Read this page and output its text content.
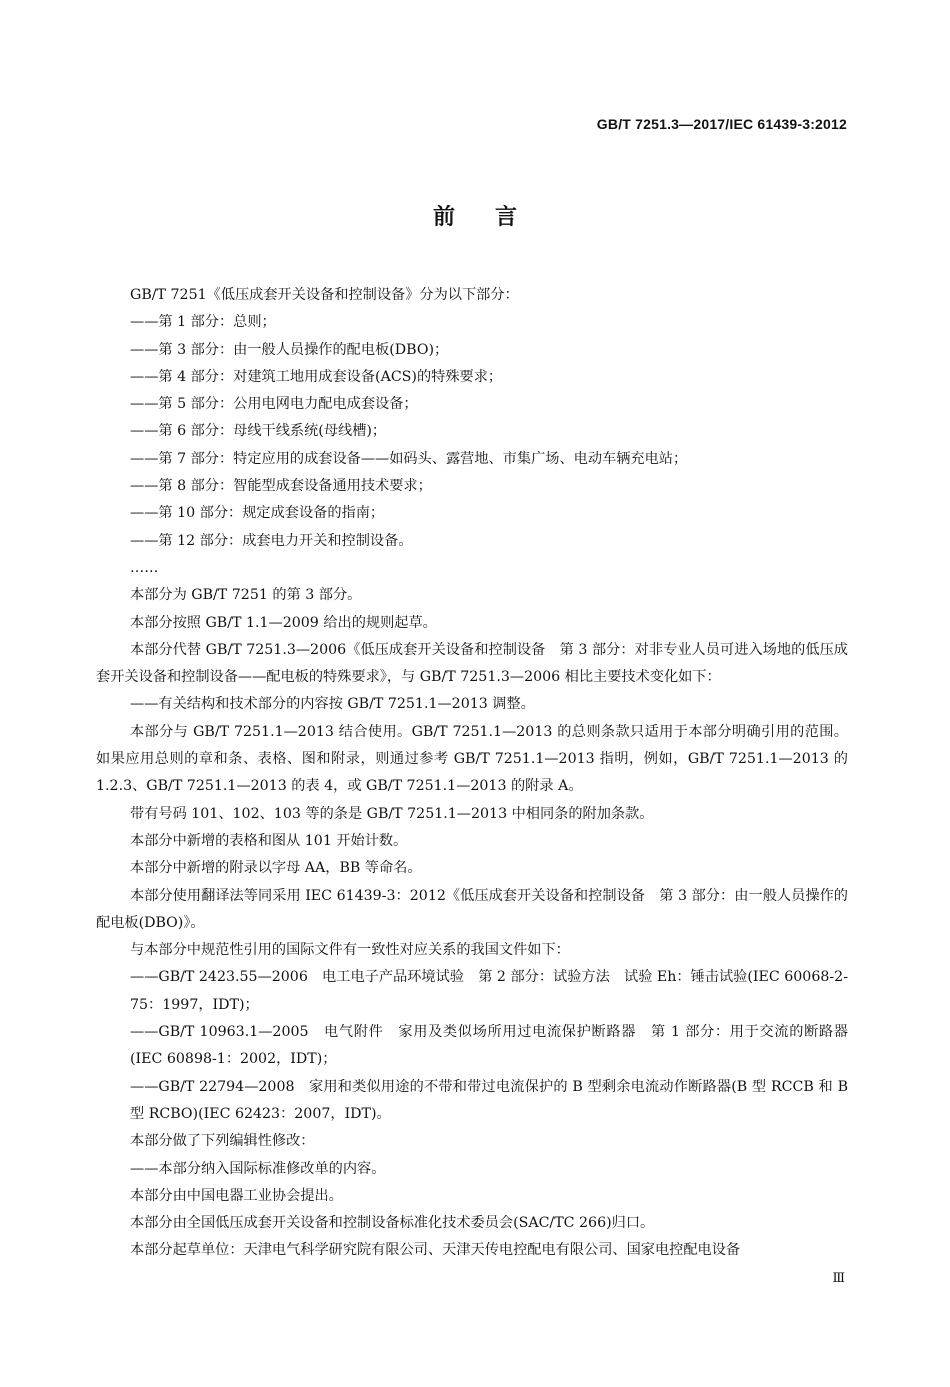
GB/T 7251.3—2017/IEC 61439-3:2012
前言

GB/T 7251《低压成套开关设备和控制设备》分为以下部分：

——第 1 部分：总则；

——第 3 部分：由一般人员操作的配电板(DBO)；

——第 4 部分：对建筑工地用成套设备(ACS)的特殊要求；

——第 5 部分：公用电网电力配电成套设备；

——第 6 部分：母线干线系统(母线槽)；

——第 7 部分：特定应用的成套设备——如码头、露营地、市集广场、电动车辆充电站；

——第 8 部分：智能型成套设备通用技术要求；

——第 10 部分：规定成套设备的指南；

——第 12 部分：成套电力开关和控制设备。

……

本部分为 GB/T 7251 的第 3 部分。

本部分按照 GB/T 1.1—2009 给出的规则起草。

本部分代替 GB/T 7251.3—2006《低压成套开关设备和控制设备　第 3 部分：对非专业人员可进入场地的低压成套开关设备和控制设备——配电板的特殊要求》，与 GB/T 7251.3—2006 相比主要技术变化如下：

——有关结构和技术部分的内容按 GB/T 7251.1—2013 调整。

本部分与 GB/T 7251.1—2013 结合使用。GB/T 7251.1—2013 的总则条款只适用于本部分明确引用的范围。如果应用总则的章和条、表格、图和附录，则通过参考 GB/T 7251.1—2013 指明，例如，GB/T 7251.1—2013 的 1.2.3、GB/T 7251.1—2013 的表 4，或 GB/T 7251.1—2013 的附录 A。

带有号码 101、102、103 等的条是 GB/T 7251.1—2013 中相同条的附加条款。

本部分中新增的表格和图从 101 开始计数。

本部分中新增的附录以字母 AA，BB 等命名。

本部分使用翻译法等同采用 IEC 61439-3：2012《低压成套开关设备和控制设备　第 3 部分：由一般人员操作的配电板(DBO)》。

与本部分中规范性引用的国际文件有一致性对应关系的我国文件如下：

——GB/T 2423.55—2006　电工电子产品环境试验　第 2 部分：试验方法　试验 Eh：锤击试验(IEC 60068-2-75：1997，IDT)；

——GB/T 10963.1—2005　电气附件　家用及类似场所用过电流保护断路器　第 1 部分：用于交流的断路器(IEC 60898-1：2002，IDT)；

——GB/T 22794—2008　家用和类似用途的不带和带过电流保护的 B 型剩余电流动作断路器(B 型 RCCB 和 B 型 RCBO)(IEC 62423：2007，IDT)。

本部分做了下列编辑性修改：

——本部分纳入国际标准修改单的内容。

本部分由中国电器工业协会提出。

本部分由全国低压成套开关设备和控制设备标准化技术委员会(SAC/TC 266)归口。

本部分起草单位：天津电气科学研究院有限公司、天津天传电控配电有限公司、国家电控配电设备

Ⅲ
